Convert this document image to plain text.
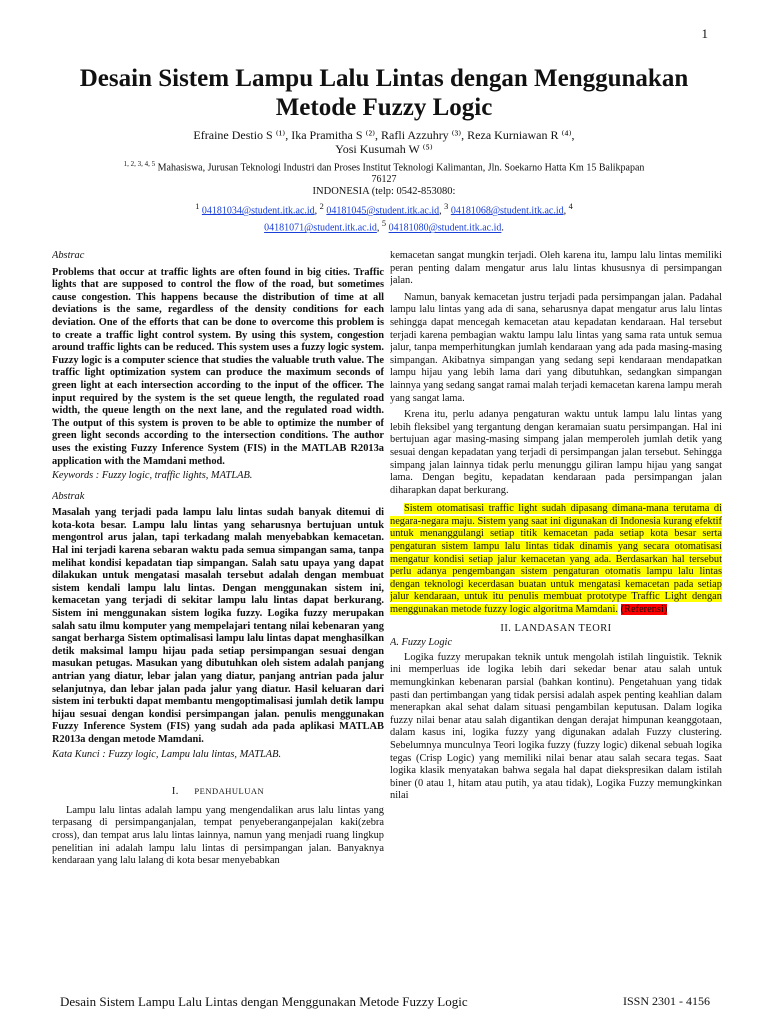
1
Desain Sistem Lampu Lalu Lintas dengan Menggunakan Metode Fuzzy Logic
Efraine Destio S ⁽¹⁾, Ika Pramitha S ⁽²⁾, Rafli Azzuhry ⁽³⁾, Reza Kurniawan R ⁽⁴⁾,
Yosi Kusumah W ⁽⁵⁾
$^{1, 2, 3, 4, 5}$ Mahasiswa, Jurusan Teknologi Industri dan Proses Institut Teknologi Kalimantan, Jln. Soekarno Hatta Km 15 Balikpapan
76127
INDONESIA (telp: 0542-853080:
$^1$ 04181034@student.itk.ac.id, $^2$ 04181045@student.itk.ac.id, $^3$ 04181068@student.itk.ac.id, $^4$
04181071@student.itk.ac.id, $^5$ 04181080@student.itk.ac.id.

Abstrac

Problems that occur at traffic lights are often found in big cities. Traffic lights that are supposed to control the flow of the road, but sometimes cause congestion. This happens because the distribution of time at all deviations is the same, regardless of the density conditions for each deviation. One of the efforts that can be done to overcome this problem is to create a traffic light control system. By using this system, congestion around traffic lights can be reduced. This system uses a fuzzy logic system. Fuzzy logic is a computer science that studies the valuable truth value. The traffic light optimization system can produce the maximum seconds of green light at each intersection according to the input of the officer. The input required by the system is the set queue length, the regulated road width, the queue length on the next lane, and the regulated road width. The output of this system is proven to be able to optimize the number of green light seconds according to the intersection conditions. The author uses the existing Fuzzy Inference System (FIS) in the MATLAB R2013a application with the Mamdani method.

Keywords : Fuzzy logic, traffic lights, MATLAB.

Abstrak

Masalah yang terjadi pada lampu lalu lintas sudah banyak ditemui di kota-kota besar. Lampu lalu lintas yang seharusnya bertujuan untuk mengontrol arus jalan, tapi terkadang malah menyebabkan kemacetan. Hal ini terjadi karena sebaran waktu pada semua simpangan sama, tanpa melihat kondisi kepadatan tiap simpangan. Salah satu upaya yang dapat dilakukan untuk mengatasi masalah tersebut adalah dengan membuat sistem kendali lampu lalu lintas. Dengan menggunakan sistem ini, kemacetan yang terjadi di sekitar lampu lalu lintas dapat berkurang. Sistem ini menggunakan sistem logika fuzzy. Logika fuzzy merupakan salah satu ilmu komputer yang mempelajari tentang nilai kebenaran yang sangat berharga Sistem optimalisasi lampu lalu lintas dapat menghasilkan detik maksimal lampu hijau pada setiap persimpangan sesuai dengan masukan petugas. Masukan yang dibutuhkan oleh sistem adalah panjang antrian yang diatur, lebar jalan yang diatur, panjang antrian pada jalur selanjutnya, dan lebar jalan pada jalur yang diatur. Hasil keluaran dari sistem ini terbukti dapat membantu mengoptimalisasi jumlah detik lampu hijau sesuai dengan kondisi persimpangan jalan. penulis menggunakan Fuzzy Inference System (FIS) yang sudah ada pada aplikasi MATLAB R2013a dengan metode Mamdani.

Kata Kunci : Fuzzy logic, Lampu lalu lintas, MATLAB.

I. PENDAHULUAN

Lampu lalu lintas adalah lampu yang mengendalikan arus lalu lintas yang terpasang di persimpanganjalan, tempat penyeberanganpejalan kaki(zebra cross), dan tempat arus lalu lintas lainnya, namun yang menjadi ruang lingkup penelitian ini adalah lampu lalu lintas di persimpangan jalan. Banyaknya kendaraan yang lalu lalang di kota besar menyebabkan

kemacetan sangat mungkin terjadi. Oleh karena itu, lampu lalu lintas memiliki peran penting dalam mengatur arus lalu lintas khususnya di persimpangan jalan.

Namun, banyak kemacetan justru terjadi pada persimpangan jalan. Padahal lampu lalu lintas yang ada di sana, seharusnya dapat mengatur arus lalu lintas sehingga dapat mencegah kemacetan atau kepadatan kendaraan. Hal tersebut terjadi karena pembagian waktu lampu lalu lintas yang sama rata untuk semua jalur, tanpa memperhitungkan jumlah kendaraan yang ada pada masing-masing simpangan. Akibatnya simpangan yang sedang sepi kendaraan mendapatkan lampu hijau yang lebih lama dari yang dibutuhkan, sedangkan simpangan lainnya yang sedang sangat ramai malah terjadi kemacetan karena lampu merah yang sangat lama.

Krena itu, perlu adanya pengaturan waktu untuk lampu lalu lintas yang lebih fleksibel yang tergantung dengan keramaian suatu persimpangan. Hal ini bertujuan agar masing-masing simpang jalan memperoleh jumlah detik yang sesuai dengan kepadatan yang terjadi di persimpangan jalan tersebut. Sehingga simpang jalan lainnya tidak perlu menunggu giliran lampu hijau yang sangat lama. Dengan begitu, kepadatan kendaraan pada persimpangan jalan diharapkan dapat berkurang.

Sistem otomatisasi traffic light sudah dipasang dimana-mana terutama di negara-negara maju. Sistem yang saat ini digunakan di Indonesia kurang efektif untuk menanggulangi setiap titik kemacetan pada setiap kota besar serta pengaturan sistem lampu lalu lintas tidak dinamis yang secara otomatisasi mengatur kondisi setiap jalur kemacetan yang ada. Berdasarkan hal tersebut perlu adanya pengembangan sistem pengaturan otomatis lampu lalu lintas dengan teknologi kecerdasan buatan untuk mengatasi kemacetan pada setiap jalur kendaraan, untuk itu penulis membuat prototype Traffic Light dengan menggunakan metode fuzzy logic algoritma Mamdani. (Referensi)

II. LANDASAN TEORI

A. Fuzzy Logic

Logika fuzzy merupakan teknik untuk mengolah istilah linguistik. Teknik ini memperluas ide logika lebih dari sekedar benar atau salah untuk memungkinkan kebenaran parsial (bahkan kontinu). Pengetahuan yang tidak pasti dan pertimbangan yang tidak persisi adalah aspek penting keahlian dalam menerapkan akal sehat dalam situasi pengambilan keputusan. Dalam logika fuzzy nilai benar atau salah digantikan dengan derajat himpunan keanggotaan, dalam kasus ini, logika fuzzy yang digunakan adalah Fuzzy clustering. Sebelumnya munculnya Teori logika fuzzy (fuzzy logic) dikenal sebuah logika tegas (Crisp Logic) yang memiliki nilai benar atau salah secara tegas. Saat logika klasik menyatakan bahwa segala hal dapat diekspresikan dalam istilah biner (0 atau 1, hitam atau putih, ya atau tidak), Logika Fuzzy memungkinkan nilai

Desain Sistem Lampu Lalu Lintas dengan Menggunakan Metode Fuzzy Logic	ISSN 2301 - 4156
